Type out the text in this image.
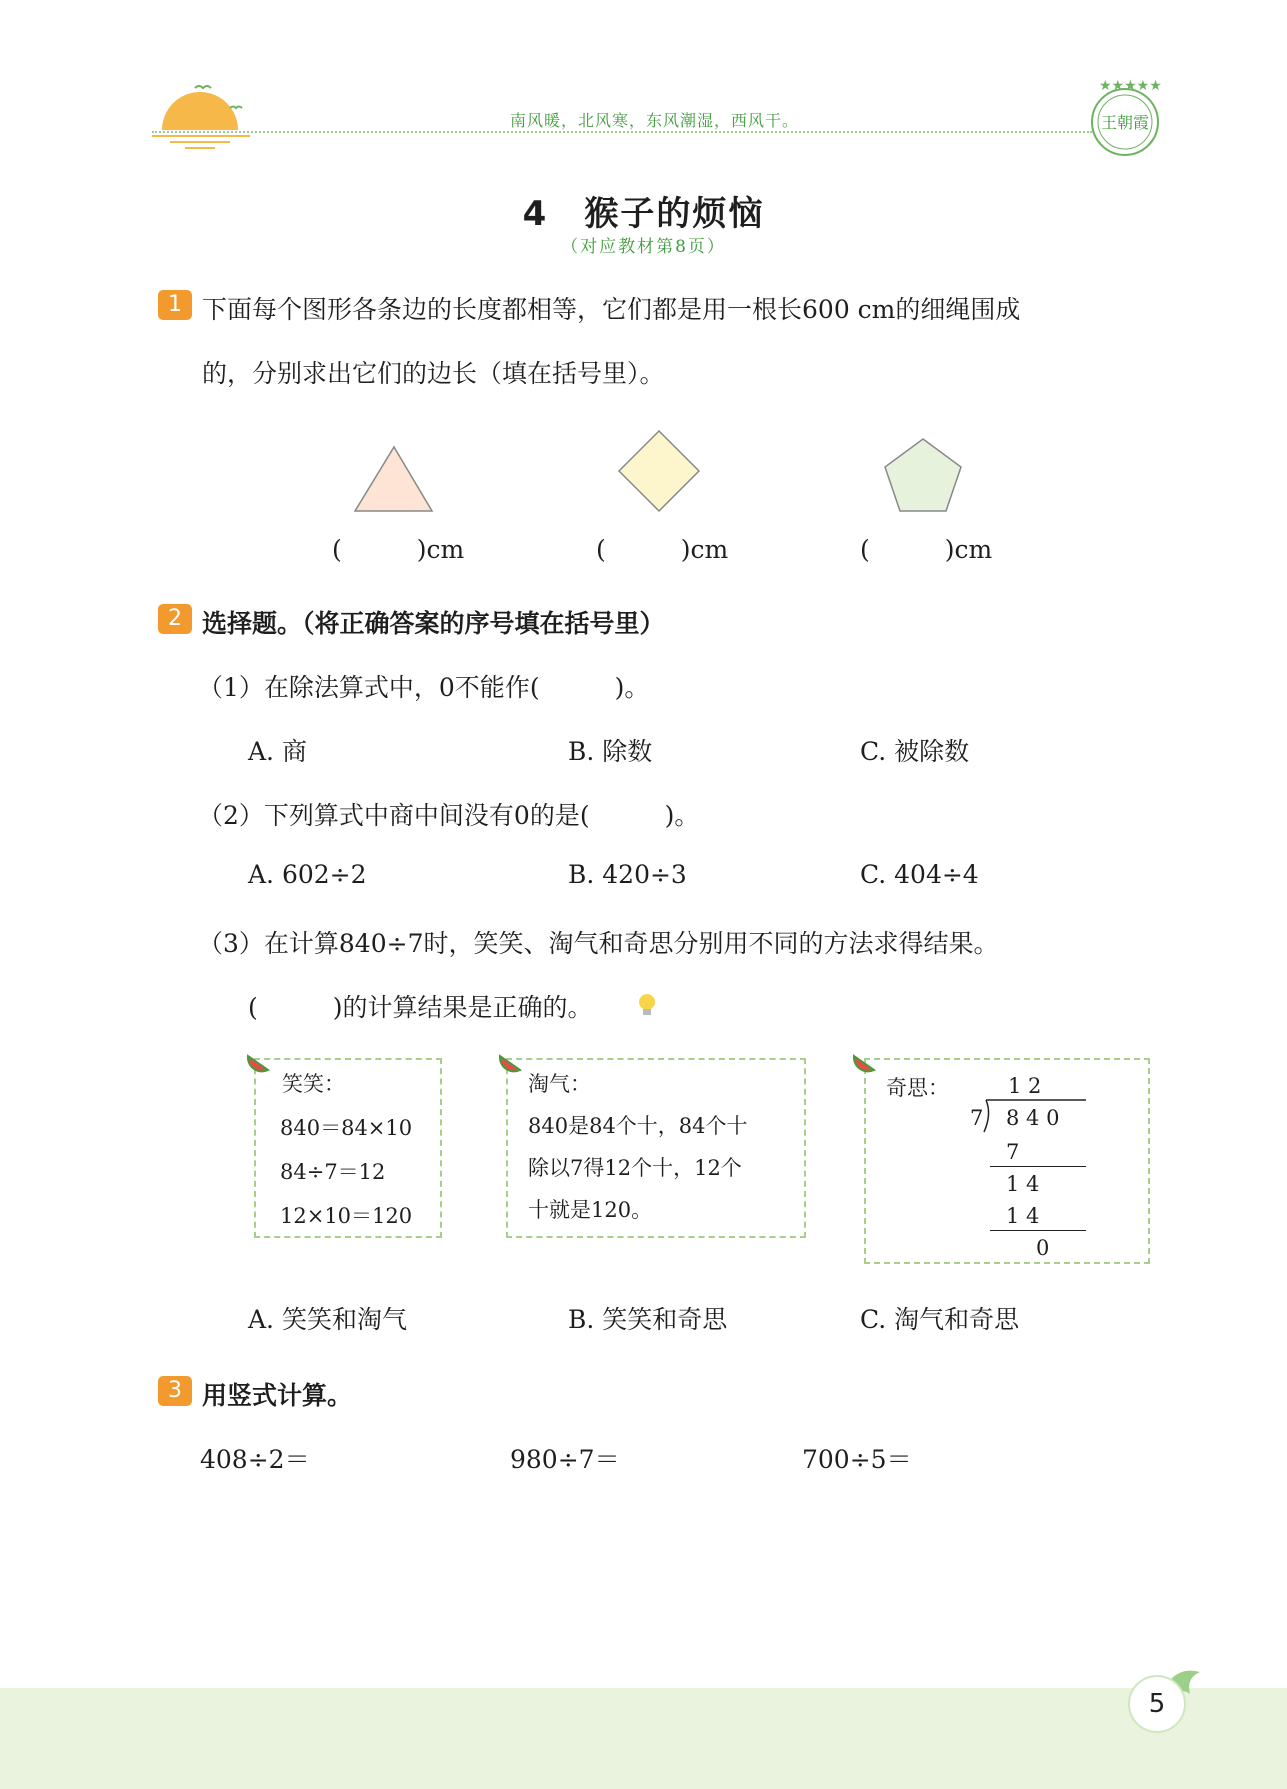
南风暖，北风寒，东风潮湿，西风干。
★★★★★
王朝霞
4　猴子的烦恼
（对应教材第8页）
1 下面每个图形各条边的长度都相等，它们都是用一根长600 cm的细绳围成
的，分别求出它们的边长（填在括号里）。
(　　　)cm	(　　　)cm	(　　　)cm
2 选择题。（将正确答案的序号填在括号里）
（1）在除法算式中，0不能作(　　　)。
A. 商	B. 除数	C. 被除数
（2）下列算式中商中间没有0的是(　　　)。
A. 602÷2	B. 420÷3	C. 404÷4
（3）在计算840÷7时，笑笑、淘气和奇思分别用不同的方法求得结果。
(　　　)的计算结果是正确的。
笑笑：
840＝84×10
84÷7＝12
12×10＝120
淘气：
840是84个十，84个十
除以7得12个十，12个
十就是120。
奇思：	1 2
7 8 4 0
7
1 4
1 4
0
A. 笑笑和淘气	B. 笑笑和奇思	C. 淘气和奇思
3 用竖式计算。
408÷2＝	980÷7＝	700÷5＝
5
